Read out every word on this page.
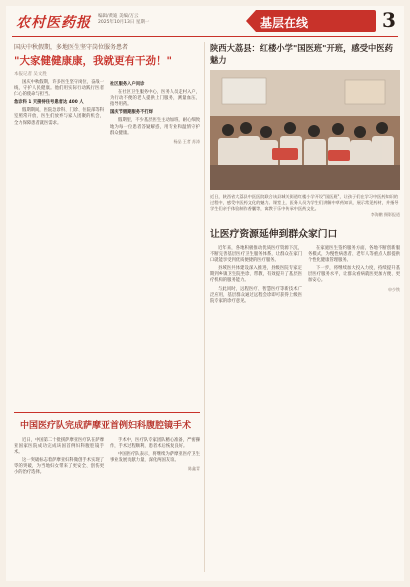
农村医药报 编辑/黄迪 美编/万云
2025年10月13日 星期一	基层在线	3
国庆中秋假期，多地医生坚守岗位服务患者
"大家健健康康，我就更有干劲！"
本报记者 吴文胜

国庆中秋假期，许多医生坚守岗位，奋战一线，守护人民健康。他们用实际行动践行医者仁心的使命与担当。

急诊科 1 天接待住号患者达 400 人

假期期间，医院急诊科、门诊、住院部等科室照常开放，医生们放弃与家人团聚的机会，全力保障患者就医需求。

社区服务入户问诊

在社区卫生服务中心，医务人员走村入户，为行动不便的老人提供上门服务，测量血压、指导用药。

国庆节假期服务不打烊

假期里，不少基层医生主动加班，耐心细致地为每一位患者答疑解惑，用专业和温情守护群众健康。

杨品 王者 苏涛
中国医疗队完成萨摩亚首例妇科腹腔镜手术

近日，中国第二十批援萨摩亚医疗队在萨摩亚国家医院成功完成该国首例妇科腹腔镜手术。

这一突破标志着萨摩亚妇科微创手术实现了零的突破，为当地妇女带来了更安全、创伤更小的治疗选择。

手术中，医疗队专家团队精心准备，严密操作，手术过程顺利，患者术后恢复良好。

中国医疗队表示，将继续为萨摩亚医疗卫生事业发展贡献力量，深化两国友谊。

陈鑫青
陕西大荔县：红楼小学"国医班"开班，感受中医药魅力
近日，陕西省大荔县中医医院联合该县城关街道红楼小学开设"国医班"，让孩子们在学习中医药知识的过程中，感受中医药文化的魅力。课堂上，医务人员为学生们讲解中草药知识，展示常见药材，并指导学生们亲手体验制作香囊等，寓教于乐中传承中医药文化。
李海鹏 摄影报道
让医疗资源延伸到群众家门口

近年来，各地积极推动优质医疗资源下沉，不断完善基层医疗卫生服务体系，让群众在家门口就能享受到优质便捷的医疗服务。

县域医共体建设深入推进，县级医院专家定期到乡镇卫生院坐诊、带教，有效提升了基层医疗机构的服务能力。

与此同时，远程医疗、智慧医疗等新技术广泛应用，基层群众通过远程会诊即可获得上级医院专家的诊疗意见。

在家庭医生签约服务方面，各地不断创新服务模式，为慢性病患者、老年人等重点人群提供个性化健康管理服务。

下一步，将继续加大投入力度，持续提升基层医疗服务水平，让群众看病就医更加方便、更加安心。

申少铁
